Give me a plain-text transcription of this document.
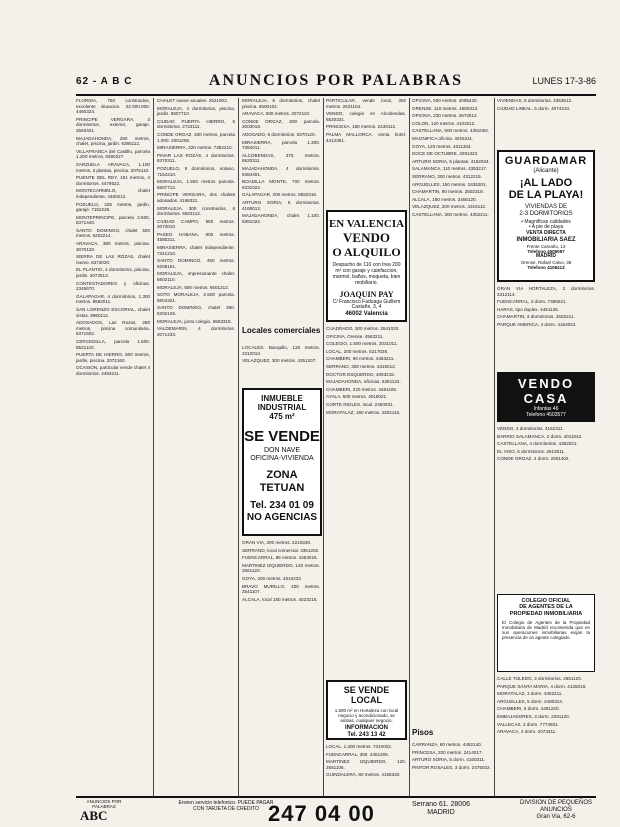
62 - A B C	ANUNCIOS POR PALABRAS	LUNES 17-3-86

FLORIDA, 750 construidos, excelente situacion. 22.000.000. 4460324.

PRINCIPE VERGARA, 3 dormitorios, exterior, garaje. 2563401.

MAJADAHONDA, 290 metros, chalet, piscina, jardin. 6385112.

VILLAFRANCA del Castillo, parcela 1.200 metros, 6390227.

ZARZUELA ARAVACA, 1.100 metros, 3 plantas, piscina. 2075110.

PUENTE DEL REY, 161 metros, 4 dormitorios. 4479522.

MONTECARMELO, chalet independiente, 4460212.

POZUELO, 225 metros, jardin, garaje. 7152226.

MONTEPRINCIPE, parcela 2.500, 6371440.

SANTO DOMINGO, chalet 500 metros. 6202214.

ARAVACA, 380 metros, piscina. 3070120.

SIERRA DE LAS ROZAS, chalet nuevo. 6373020.

EL PLANTIO, 4 dormitorios, piscina, jardin. 2072513.

CONTESTADORES y oficinas. 2345670.

GALAPAGAR, 4 dormitorios, 1.300 metros. 8582011.

SAN LORENZO ESCORIAL, chalet vistas. 8960112.

ADOSADOS, Las Rozas, 280 metros, piscina comunitaria. 6371502.

CERCEDILLA, parcela 1.500. 8521120.

PUERTA DE HIERRO, 500 metros, jardin, piscina. 2072160.

OCASION, particular vende chalet 4 dormitorios. 4493211.

CHALET nueve anuales. 2521903.

MORALEJA, 4 dormitorios, piscina, jardin. 6507710.

CIUDAD PUERTA HIERRO, 6 dormitorios. 2723111.

CONDE ORGAZ, 400 metros, parcela 1.000. 2001205.

MIRASIERRA, 320 metros. 7382210.

PINAR LAS ROZAS, 4 dormitorios. 6370311.

POZUELO, 5 dormitorios, sotano. 7154210.

MORALEJA, 1.500 metros parcela. 6507712.

PRINCIPE VERGARA, dos chalets adosados. 4168321.

MORALEJA, 300 construidos, 6 dormitorios. 6503112.

CIUDAD CAMPO, 550 metros. 2073010.

PASEO HABANA, 900 metros. 4580211.

MIRASIERRA, chalet independiente. 7341210.

SANTO DOMINGO, 450 metros. 6208151.

MORALEJA, impresionante chalet. 6502110.

MORALEJA, 600 metros. 6501212.

SOTO MORALEJA, 2.500 parcela. 6504321.

SANTO DOMINGO, chalet 380. 6202126.

MORALEJA, junto colegio. 6503318.

VALDEMARIN, 4 dormitorios. 2071233.

MORALEJA, 8 dormitorios, chalet piscina. 6500104.

ARAVACA, 500 metros. 2072110.

CONDE ORGAZ, 600 parcela. 2003018.

ADOSADO, 5 dormitorios. 6370120.

MIRASIERRA, parcela 1.300. 7384011.

ALCOBENDAS, 375 metros. 6520311.

MAJADAHONDA, 4 dormitorios. 6384401.

BOADILLA MONTE, 700 metros. 6331022.

GALAPAGAR, 200 metros. 8582316.

ARTURO SORIA, 5 dormitorios. 4168012.

MAJADAHONDA, chalet 1.100. 6381022.

Locales comerciales

LOCALES: Barquillo, 120 metros. 2312010.

VELAZQUEZ, 300 metros. 4351207.

GRAN VIA, 200 metros. 2210348.

SERRANO, local comercial. 4351202.

FUENCARRAL, 85 metros. 4453016.

MARTINEZ IZQUIERDO, 120 metros. 2561120.

GOYA, 200 metros. 4010232.

BRAVO MURILLO, 400 metros. 2541107.

ALCALA, local 150 metros. 4023216.

INMUEBLE
INDUSTRIAL
475 m²
SE VENDE
DON NAVE
OFICINA-VIVIENDA
ZONA TETUAN
Tel. 234 01 09
NO AGENCIAS
EN VALENCIA
VENDO
O ALQUILO
Despacho de 110 con trea 200 m² con garaje y calefaccion, marmol, baños, moqueta, bien mobiliario.
JOAQUIN PAY
C/ Francisco Faduaga Guillem Castañe, 3, 4
46002 Valencia

PARTICULAR, vende local, 300 metros. 2521104.

VENDO, colegio en Alcobendas. 6520331.

PRINCESA, 180 metros. 2430112.

PALMA MALLORCA, venta hotel. 4412361.

CUADRADO, 300 metros. 2541020.

OFICINA, Orense. 4563211.

COLEGIO, 1.500 metros. 2031011.

LOCAL, 200 metros. 5217028.

CHAMBERI, 90 metros. 4453211.

SERRANO, 300 metros. 4315012.

DOCTOR ESQUERDO, 4093215.

MAJADAHONDA, oficinas. 6381122.

CHAMBERI, 220 metros. 4481105.

AYALA, 500 metros. 4018021.

CORTE INGLES, local. 2450031.

MORATALAZ, 150 metros. 4302116.

SE VENDE LOCAL
1.500 m² en Hortaleza con local negocio y acondicionado, se ambas, cualquier negocio.
INFORMACION
Tel. 243 13 42

LOCAL, 1.200 metros. 7310022.

FUENCARRAL, 300. 4451205.

MARTINEZ IZQUIERDO, 120. 2561106.

GUINDALERA, 80 metros. 4156330.

OFICINA, 500 metros. 4095220.

ORENSE, 110 metros. 4560313.

OFICINA, 230 metros. 2672512.

COLON, 120 metros. 4103212.

CASTELLANA, 600 metros. 4351002.

MAGNIFICA oficina. 4015211.

GOYA, 120 metros. 4011304.

DOCE DE OCTUBRE, 4091323.

ARTURO SORIA, 5 plantas. 4162034.

SALAMANCA, 110 metros. 4353217.

SERRANO, 300 metros. 4312215.

ARGUELLES, 150 metros. 2435201.

CHAMARTIN, 90 metros. 2502318.

ALCALA, 180 metros. 2456120.

VELAZQUEZ, 200 metros. 4316112.

CASTELLANA, 300 metros. 4352211.

Pisos

CARRANZA, 80 metros. 4452140.

PRINCESA, 200 metros. 2414017.

ARTURO SORIA, 5 dorm. 4160311.

PINTOR ROSALES, 3 dorm. 2475032.

VIVIENDAS, 5 dormitorios. 4353512.

CIUDAD LINEAL, 5 dorm. 4074210.

GUARDAMAR
(Alicante)
¡AL LADO
DE LA PLAYA!
VIVIENDAS DE
2-3 DORMITORIOS
• Magnificas calidades
• A pie de playa
VENTA DIRECTA
INMOBILIARIA SAEZ
Frente Camaño, 13
Telefono 4508097
MADRID
Orense, Rafael Calvo, 38
Telefono 4108413

GRAN VIA HORTALEZA, 2 dormitorios. 2312114.

FUENCARRAL, 4 dorm. 7385021.

HARAS, tipo duplex. 4451126.

CHAMARTIN, 3 dormitorios. 2503211.

PARQUE AMERICA, 4 dorm. 4154022.

VENDO
CASA
Infantas 46
Telefono 4503577

VENDO, 4 dormitorios. 4152311.

BARRIO SALAMANCA, 2 dorm. 4011042.

CASTELLANA, 4 dormitorios. 4352021.

EL VISO, 5 dormitorios. 2613011.

CONDE ORGAZ, 4 dorm. 2001402.

COLEGIO OFICIAL
DE AGENTES DE LA
PROPIEDAD INMOBILIARIA
El Colegio de Agentes de la Propiedad Inmobiliaria de Madrid recomienda que en sus operaciones inmobiliarias exijan la presencia de un agente colegiado.

CALLE TOLEDO, 3 dormitorios. 2651120.

PARQUE SANTA MARIA, 4 dorm. 4135018.

MORATALAZ, 3 dorm. 4302211.

ARGUELLES, 5 dorm. 2480313.

CHAMBERI, 6 dorm. 4481220.

EMBAJADORES, 3 dorm. 2281120.

VALLECAS, 2 dorm. 7774501.

ARAVACA, 4 dorm. 2073311.

ANUNCIOS POR PALABRAS
ABC
Envien servicio telefonico. PUEDE PAGAR CON TARJETA DE CREDITO 247 04 00	Serrano 61. 28006 MADRID
DIVISION DE PEQUEÑOS ANUNCIOS
Gran Via, 62-6
